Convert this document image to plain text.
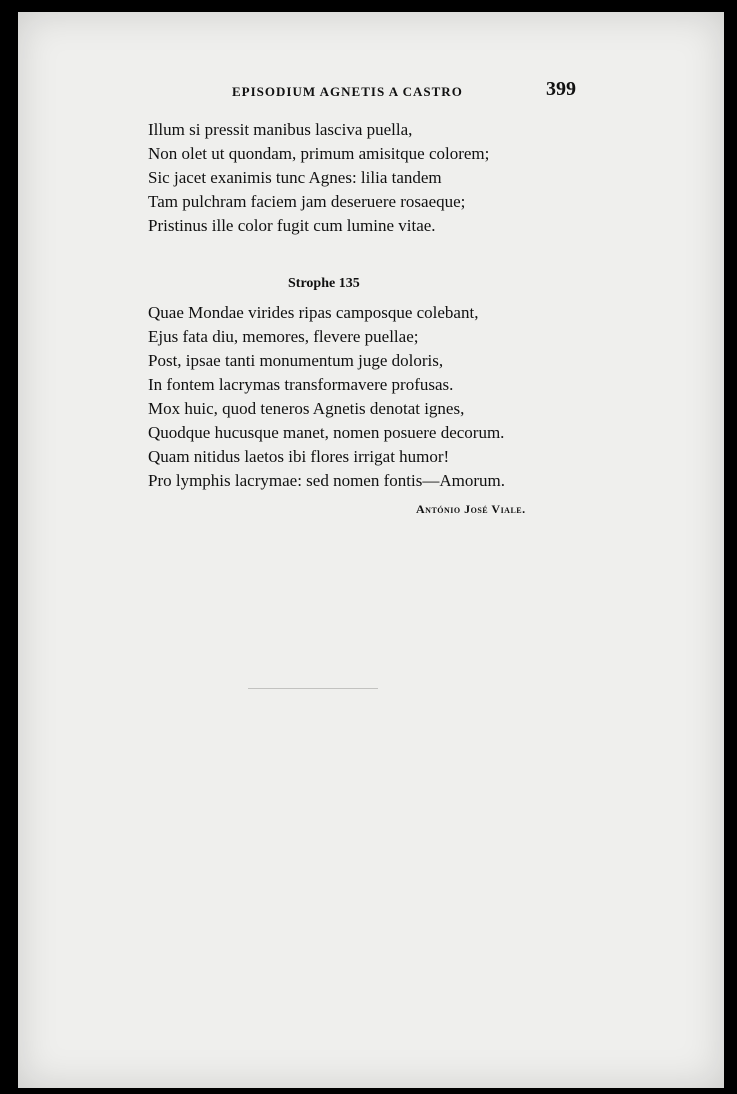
EPISODIUM AGNETIS A CASTRO	399
Illum si pressit manibus lasciva puella,
Non olet ut quondam, primum amisitque colorem;
Sic jacet exanimis tunc Agnes: lilia tandem
Tam pulchram faciem jam deseruere rosaeque;
Pristinus ille color fugit cum lumine vitae.
Strophe 135
Quae Mondae virides ripas camposque colebant,
Ejus fata diu, memores, flevere puellae;
Post, ipsae tanti monumentum juge doloris,
In fontem lacrymas transformavere profusas.
Mox huic, quod teneros Agnetis denotat ignes,
Quodque hucusque manet, nomen posuere decorum.
Quam nitidus laetos ibi flores irrigat humor!
Pro lymphis lacrymae: sed nomen fontis—Amorum.
António José Viale.
